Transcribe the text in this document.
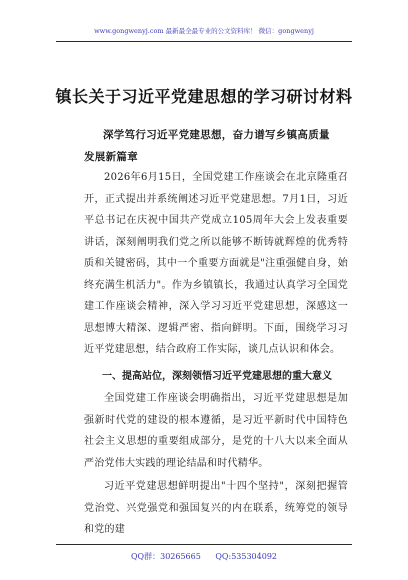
www.gongwenyj.com 最新最全最专业的公文资料库！ 微信：gongwenyj
镇长关于习近平党建思想的学习研讨材料
深学笃行习近平党建思想，奋力谱写乡镇高质量发展新篇章
2026年6月15日，全国党建工作座谈会在北京隆重召开，正式提出并系统阐述习近平党建思想。7月1日，习近平总书记在庆祝中国共产党成立105周年大会上发表重要讲话，深刻阐明我们党之所以能够不断铸就辉煌的优秀特质和关键密码，其中一个重要方面就是"注重强健自身，始终充满生机活力"。作为乡镇镇长，我通过认真学习全国党建工作座谈会精神，深入学习习近平党建思想，深感这一思想博大精深、逻辑严密、指向鲜明。下面，围绕学习习近平党建思想，结合政府工作实际，谈几点认识和体会。
一、提高站位，深刻领悟习近平党建思想的重大意义
全国党建工作座谈会明确指出，习近平党建思想是加强新时代党的建设的根本遵循，是习近平新时代中国特色社会主义思想的重要组成部分，是党的十八大以来全面从严治党伟大实践的理论结晶和时代精华。
习近平党建思想鲜明提出"十四个坚持"，深刻把握管党治党、兴党强党和强国复兴的内在联系，统筹党的领导和党的建
QQ群：30265665 QQ:535304092
